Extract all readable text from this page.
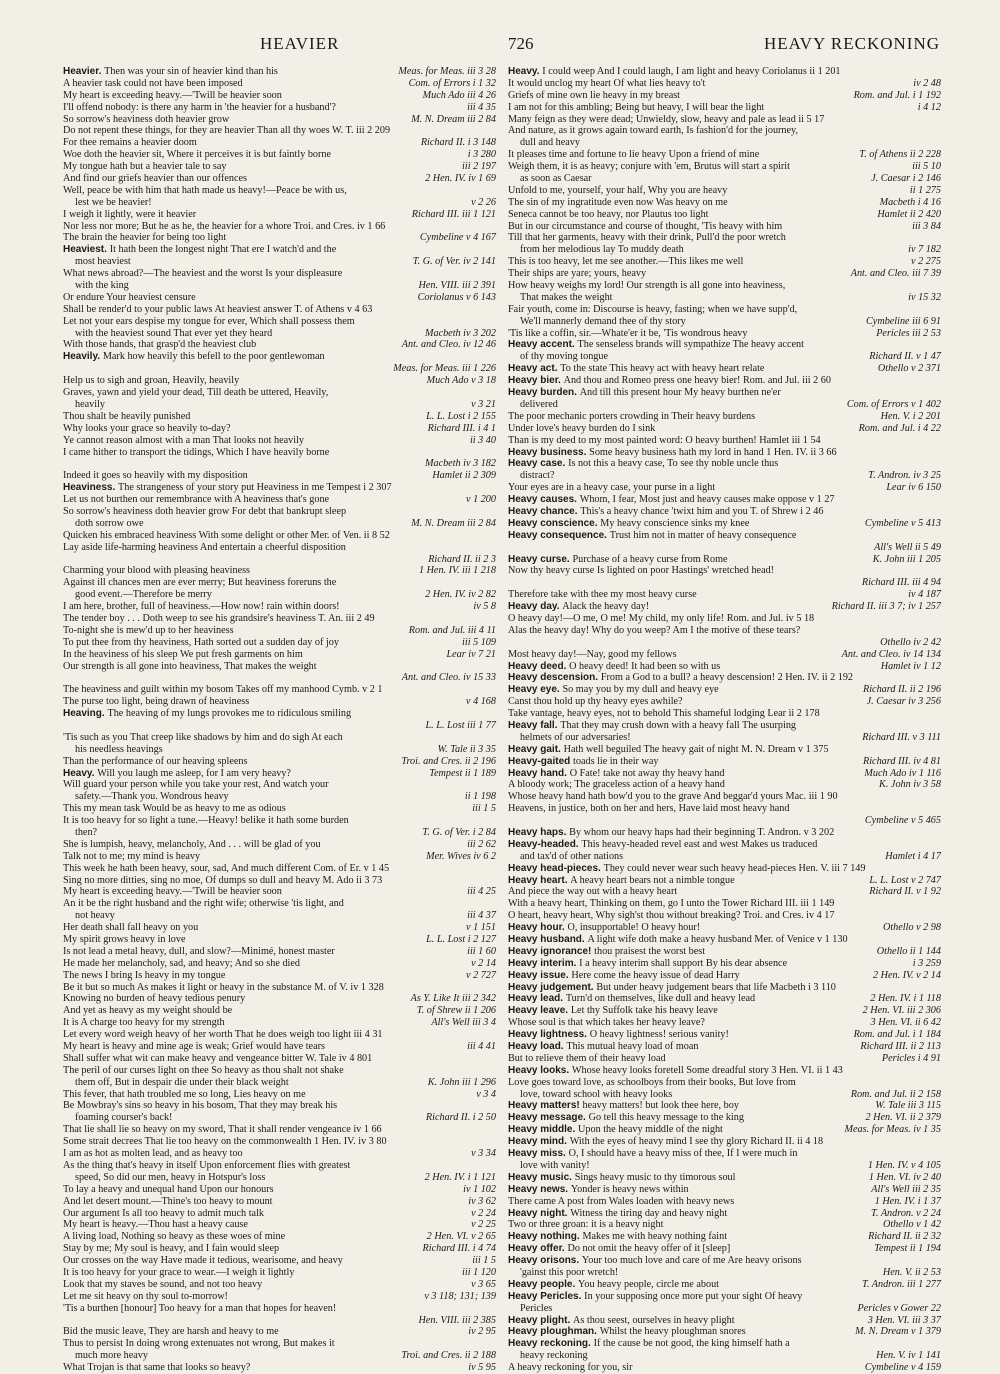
HEAVIER	726	HEAVY RECKONING
Heavier. Then was your sin of heavier kind than his	Meas. for Meas. iii 3 28
A heavier task could not have been imposed	Com. of Errors i 1 32
My heart is exceeding heavy.—'Twill be heavier soon	Much Ado iii 4 26
I'll offend nobody: is there any harm in 'the heavier for a husband'?	iii 4 35
So sorrow's heaviness doth heavier grow	M. N. Dream iii 2 84
Do not repent these things, for they are heavier Than all thy woes W. T. iii 2 209
For thee remains a heavier doom	Richard II. i 3 148
Woe doth the heavier sit, Where it perceives it is but faintly borne	i 3 280
My tongue hath but a heavier tale to say	iii 2 197
And find our griefs heavier than our offences	2 Hen. IV. iv 1 69
Well, peace be with him that hath made us heavy!—Peace be with us,
lest we be heavier!	v 2 26
I weigh it lightly, were it heavier	Richard III. iii 1 121
Nor less nor more; But he as he, the heavier for a whore Troi. and Cres. iv 1 66
The brain the heavier for being too light	Cymbeline v 4 167
Heaviest. It hath been the longest night That ere I watch'd and the
most heaviest	T. G. of Ver. iv 2 141
What news abroad?—The heaviest and the worst Is your displeasure
with the king	Hen. VIII. iii 2 391
Or endure Your heaviest censure	Coriolanus v 6 143
Shall be render'd to your public laws At heaviest answer T. of Athens v 4 63
Let not your ears despise my tongue for ever, Which shall possess them
with the heaviest sound That ever yet they heard	Macbeth iv 3 202
With those hands, that grasp'd the heaviest club	Ant. and Cleo. iv 12 46
Heavily. Mark how heavily this befell to the poor gentlewoman
Meas. for Meas. iii 1 226
Help us to sigh and groan, Heavily, heavily	Much Ado v 3 18
Graves, yawn and yield your dead, Till death be uttered, Heavily,
heavily	v 3 21
Thou shalt be heavily punished	L. L. Lost i 2 155
Why looks your grace so heavily to-day?	Richard III. i 4 1
Ye cannot reason almost with a man That looks not heavily	ii 3 40
I came hither to transport the tidings, Which I have heavily borne
Macbeth iv 3 182
Indeed it goes so heavily with my disposition	Hamlet ii 2 309
Heaviness. The strangeness of your story put Heaviness in me Tempest i 2 307
Let us not burthen our remembrance with A heaviness that's gone	v 1 200
So sorrow's heaviness doth heavier grow For debt that bankrupt sleep
doth sorrow owe	M. N. Dream iii 2 84
Quicken his embraced heaviness With some delight or other Mer. of Ven. ii 8 52
Lay aside life-harming heaviness And entertain a cheerful disposition
Richard II. ii 2 3
Charming your blood with pleasing heaviness	1 Hen. IV. iii 1 218
Against ill chances men are ever merry; But heaviness foreruns the
good event.—Therefore be merry	2 Hen. IV. iv 2 82
I am here, brother, full of heaviness.—How now! rain within doors!	iv 5 8
The tender boy . . . Doth weep to see his grandsire's heaviness T. An. iii 2 49
To-night she is mew'd up to her heaviness	Rom. and Jul. iii 4 11
To put thee from thy heaviness, Hath sorted out a sudden day of joy	iii 5 109
In the heaviness of his sleep We put fresh garments on him	Lear iv 7 21
Our strength is all gone into heaviness, That makes the weight
Ant. and Cleo. iv 15 33
The heaviness and guilt within my bosom Takes off my manhood Cymb. v 2 1
The purse too light, being drawn of heaviness	v 4 168
Heaving. The heaving of my lungs provokes me to ridiculous smiling
L. L. Lost iii 1 77
'Tis such as you That creep like shadows by him and do sigh At each
his needless heavings	W. Tale ii 3 35
Than the performance of our heaving spleens	Troi. and Cres. ii 2 196
Heavy. Will you laugh me asleep, for I am very heavy?	Tempest ii 1 189
Will guard your person while you take your rest, And watch your
safety.—Thank you. Wondrous heavy	ii 1 198
This my mean task Would be as heavy to me as odious	iii 1 5
It is too heavy for so light a tune.—Heavy! belike it hath some burden
then?	T. G. of Ver. i 2 84
She is lumpish, heavy, melancholy, And . . . will be glad of you	iii 2 62
Talk not to me; my mind is heavy	Mer. Wives iv 6 2
This week he hath been heavy, sour, sad, And much different Com. of Er. v 1 45
Sing no more ditties, sing no moe, Of dumps so dull and heavy M. Ado ii 3 73
My heart is exceeding heavy.—'Twill be heavier soon	iii 4 25
An it be the right husband and the right wife; otherwise 'tis light, and
not heavy	iii 4 37
Her death shall fall heavy on you	v 1 151
My spirit grows heavy in love	L. L. Lost i 2 127
Is not lead a metal heavy, dull, and slow?—Minimé, honest master	iii 1 60
He made her melancholy, sad, and heavy; And so she died	v 2 14
The news I bring Is heavy in my tongue	v 2 727
Be it but so much As makes it light or heavy in the substance M. of V. iv 1 328
Knowing no burden of heavy tedious penury	As Y. Like It iii 2 342
And yet as heavy as my weight should be	T. of Shrew ii 1 206
It is A charge too heavy for my strength	All's Well iii 3 4
Let every word weigh heavy of her worth That he does weigh too light iii 4 31
My heart is heavy and mine age is weak; Grief would have tears	iii 4 41
Shall suffer what wit can make heavy and vengeance bitter W. Tale iv 4 801
The peril of our curses light on thee So heavy as thou shalt not shake
them off, But in despair die under their black weight	K. John iii 1 296
This fever, that hath troubled me so long, Lies heavy on me	v 3 4
Be Mowbray's sins so heavy in his bosom, That they may break his
foaming courser's back!	Richard II. i 2 50
That lie shall lie so heavy on my sword, That it shall render vengeance iv 1 66
Some strait decrees That lie too heavy on the commonwealth 1 Hen. IV. iv 3 80
I am as hot as molten lead, and as heavy too	v 3 34
As the thing that's heavy in itself Upon enforcement flies with greatest
speed, So did our men, heavy in Hotspur's loss	2 Hen. IV. i 1 121
To lay a heavy and unequal hand Upon our honours	iv 1 102
And let desert mount.—Thine's too heavy to mount	iv 3 62
Our argument Is all too heavy to admit much talk	v 2 24
My heart is heavy.—Thou hast a heavy cause	v 2 25
A living load, Nothing so heavy as these woes of mine	2 Hen. VI. v 2 65
Stay by me; My soul is heavy, and I fain would sleep	Richard III. i 4 74
Our crosses on the way Have made it tedious, wearisome, and heavy	iii 1 5
It is too heavy for your grace to wear.—I weigh it lightly	iii 1 120
Look that my staves be sound, and not too heavy	v 3 65
Let me sit heavy on thy soul to-morrow!	v 3 118; 131; 139
'Tis a burthen [honour] Too heavy for a man that hopes for heaven!
Hen. VIII. iii 2 385
Bid the music leave, They are harsh and heavy to me	iv 2 95
Thus to persist In doing wrong extenuates not wrong, But makes it
much more heavy	Troi. and Cres. ii 2 188
What Trojan is that same that looks so heavy?	iv 5 95
Heavy. I could weep And I could laugh, I am light and heavy Coriolanus ii 1 201
It would unclog my heart Of what lies heavy to't	iv 2 48
Griefs of mine own lie heavy in my breast	Rom. and Jul. i 1 192
I am not for this ambling; Being but heavy, I will bear the light	i 4 12
Many feign as they were dead; Unwieldy, slow, heavy and pale as lead ii 5 17
And nature, as it grows again toward earth, Is fashion'd for the journey,
dull and heavy
It pleases time and fortune to lie heavy Upon a friend of mine	T. of Athens ii 2 228
Weigh them, it is as heavy; conjure with 'em, Brutus will start a spirit	iii 5 10
as soon as Caesar	J. Caesar i 2 146
Unfold to me, yourself, your half, Why you are heavy	ii 1 275
The sin of my ingratitude even now Was heavy on me	Macbeth i 4 16
Seneca cannot be too heavy, nor Plautus too light	Hamlet ii 2 420
But in our circumstance and course of thought, 'Tis heavy with him	iii 3 84
Till that her garments, heavy with their drink, Pull'd the poor wretch
from her melodious lay To muddy death	iv 7 182
This is too heavy, let me see another.—This likes me well	v 2 275
Their ships are yare; yours, heavy	Ant. and Cleo. iii 7 39
How heavy weighs my lord! Our strength is all gone into heaviness,
That makes the weight	iv 15 32
Fair youth, come in: Discourse is heavy, fasting; when we have supp'd,
We'll mannerly demand thee of thy story	Cymbeline iii 6 91
'Tis like a coffin, sir.—Whate'er it be, 'Tis wondrous heavy	Pericles iii 2 53
Heavy accent. The senseless brands will sympathize The heavy accent
of thy moving tongue	Richard II. v 1 47
Heavy act. To the state This heavy act with heavy heart relate	Othello v 2 371
Heavy bier. And thou and Romeo press one heavy bier! Rom. and Jul. iii 2 60
Heavy burden. And till this present hour My heavy burthen ne'er
delivered	Com. of Errors v 1 402
The poor mechanic porters crowding in Their heavy burdens	Hen. V. i 2 201
Under love's heavy burden do I sink	Rom. and Jul. i 4 22
Than is my deed to my most painted word: O heavy burthen! Hamlet iii 1 54
Heavy business. Some heavy business hath my lord in hand 1 Hen. IV. ii 3 66
Heavy case. Is not this a heavy case, To see thy noble uncle thus
distract?	T. Andron. iv 3 25
Your eyes are in a heavy case, your purse in a light	Lear iv 6 150
Heavy causes. Whom, I fear, Most just and heavy causes make oppose v 1 27
Heavy chance. This's a heavy chance 'twixt him and you T. of Shrew i 2 46
Heavy conscience. My heavy conscience sinks my knee	Cymbeline v 5 413
Heavy consequence. Trust him not in matter of heavy consequence
All's Well ii 5 49
Heavy curse. Purchase of a heavy curse from Rome	K. John iii 1 205
Now thy heavy curse Is lighted on poor Hastings' wretched head!
Richard III. iii 4 94
Therefore take with thee my most heavy curse	iv 4 187
Heavy day. Alack the heavy day!	Richard II. iii 3 7; iv 1 257
O heavy day!—O me, O me! My child, my only life! Rom. and Jul. iv 5 18
Alas the heavy day! Why do you weep? Am I the motive of these tears?
Othello iv 2 42
Most heavy day!—Nay, good my fellows	Ant. and Cleo. iv 14 134
Heavy deed. O heavy deed! It had been so with us	Hamlet iv 1 12
Heavy descension. From a God to a bull? a heavy descension! 2 Hen. IV. ii 2 192
Heavy eye. So may you by my dull and heavy eye	Richard II. ii 2 196
Canst thou hold up thy heavy eyes awhile?	J. Caesar iv 3 256
Take vantage, heavy eyes, not to behold This shameful lodging Lear ii 2 178
Heavy fall. That they may crush down with a heavy fall The usurping
helmets of our adversaries!	Richard III. v 3 111
Heavy gait. Hath well beguiled The heavy gait of night M. N. Dream v 1 375
Heavy-gaited toads lie in their way	Richard III. iv 4 81
Heavy hand. O Fate! take not away thy heavy hand	Much Ado iv 1 116
A bloody work; The graceless action of a heavy hand	K. John iv 3 58
Whose heavy hand hath bow'd you to the grave And beggar'd yours Mac. iii 1 90
Heavens, in justice, both on her and hers, Have laid most heavy hand
Cymbeline v 5 465
Heavy haps. By whom our heavy haps had their beginning T. Andron. v 3 202
Heavy-headed. This heavy-headed revel east and west Makes us traduced
and tax'd of other nations	Hamlet i 4 17
Heavy head-pieces. They could never wear such heavy head-pieces Hen. V. iii 7 149
Heavy heart. A heavy heart bears not a nimble tongue	L. L. Lost v 2 747
And piece the way out with a heavy heart	Richard II. v 1 92
With a heavy heart, Thinking on them, go I unto the Tower Richard III. iii 1 149
O heart, heavy heart, Why sigh'st thou without breaking? Troi. and Cres. iv 4 17
Heavy hour. O, insupportable! O heavy hour!	Othello v 2 98
Heavy husband. A light wife doth make a heavy husband Mer. of Venice v 1 130
Heavy ignorance! thou praisest the worst best	Othello ii 1 144
Heavy interim. I a heavy interim shall support By his dear absence	i 3 259
Heavy issue. Here come the heavy issue of dead Harry	2 Hen. IV. v 2 14
Heavy judgement. But under heavy judgement bears that life Macbeth i 3 110
Heavy lead. Turn'd on themselves, like dull and heavy lead	2 Hen. IV. i 1 118
Heavy leave. Let thy Suffolk take his heavy leave	2 Hen. VI. iii 2 306
Whose soul is that which takes her heavy leave?	3 Hen. VI. ii 6 42
Heavy lightness. O heavy lightness! serious vanity!	Rom. and Jul. i 1 184
Heavy load. This mutual heavy load of moan	Richard III. ii 2 113
But to relieve them of their heavy load	Pericles i 4 91
Heavy looks. Whose heavy looks foretell Some dreadful story 3 Hen. VI. ii 1 43
Love goes toward love, as schoolboys from their books, But love from
love, toward school with heavy looks	Rom. and Jul. ii 2 158
Heavy matters! heavy matters! but look thee here, boy	W. Tale iii 3 115
Heavy message. Go tell this heavy message to the king	2 Hen. VI. ii 2 379
Heavy middle. Upon the heavy middle of the night	Meas. for Meas. iv 1 35
Heavy mind. With the eyes of heavy mind I see thy glory Richard II. ii 4 18
Heavy miss. O, I should have a heavy miss of thee, If I were much in
love with vanity!	1 Hen. IV. v 4 105
Heavy music. Sings heavy music to thy timorous soul	1 Hen. VI. iv 2 40
Heavy news. Yonder is heavy news within	All's Well iii 2 35
There came A post from Wales loaden with heavy news	1 Hen. IV. i 1 37
Heavy night. Witness the tiring day and heavy night	T. Andron. v 2 24
Two or three groan: it is a heavy night	Othello v 1 42
Heavy nothing. Makes me with heavy nothing faint	Richard II. ii 2 32
Heavy offer. Do not omit the heavy offer of it [sleep]	Tempest ii 1 194
Heavy orisons. Your too much love and care of me Are heavy orisons
'gainst this poor wretch!	Hen. V. ii 2 53
Heavy people. You heavy people, circle me about	T. Andron. iii 1 277
Heavy Pericles. In your supposing once more put your sight Of heavy
Pericles	Pericles v Gower 22
Heavy plight. As thou seest, ourselves in heavy plight	3 Hen. VI. iii 3 37
Heavy ploughman. Whilst the heavy ploughman snores	M. N. Dream v 1 379
Heavy reckoning. If the cause be not good, the king himself hath a
heavy reckoning	Hen. V. iv 1 141
A heavy reckoning for you, sir	Cymbeline v 4 159
